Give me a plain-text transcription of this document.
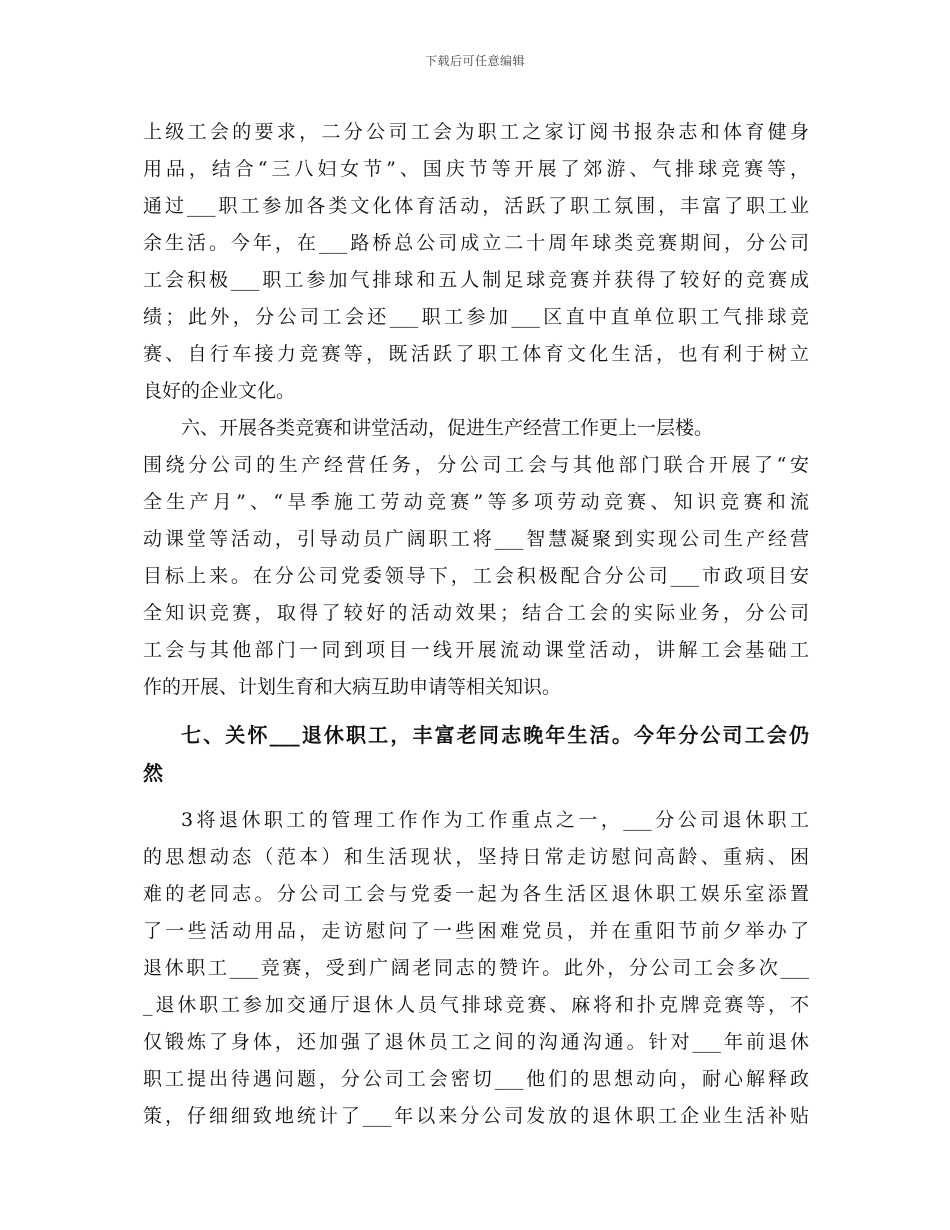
下载后可任意编辑
上级工会的要求，二分公司工会为职工之家订阅书报杂志和体育健身
用品，结合“三八妇女节”、国庆节等开展了郊游、气排球竞赛等，
通过___职工参加各类文化体育活动，活跃了职工氛围，丰富了职工业
余生活。今年，在___路桥总公司成立二十周年球类竞赛期间，分公司
工会积极___职工参加气排球和五人制足球竞赛并获得了较好的竞赛成
绩；此外，分公司工会还___职工参加___区直中直单位职工气排球竞
赛、自行车接力竞赛等，既活跃了职工体育文化生活，也有利于树立
良好的企业文化。
六、开展各类竞赛和讲堂活动，促进生产经营工作更上一层楼。
围绕分公司的生产经营任务，分公司工会与其他部门联合开展了“安
全生产月”、“旱季施工劳动竞赛”等多项劳动竞赛、知识竞赛和流
动课堂等活动，引导动员广阔职工将___智慧凝聚到实现公司生产经营
目标上来。在分公司党委领导下，工会积极配合分公司___市政项目安
全知识竞赛，取得了较好的活动效果；结合工会的实际业务，分公司
工会与其他部门一同到项目一线开展流动课堂活动，讲解工会基础工
作的开展、计划生育和大病互助申请等相关知识。
七、关怀___退休职工，丰富老同志晚年生活。今年分公司工会仍
然
3将退休职工的管理工作作为工作重点之一，___分公司退休职工
的思想动态（范本）和生活现状，坚持日常走访慰问高龄、重病、困
难的老同志。分公司工会与党委一起为各生活区退休职工娱乐室添置
了一些活动用品，走访慰问了一些困难党员，并在重阳节前夕举办了
退休职工___竞赛，受到广阔老同志的赞许。此外，分公司工会多次___
_退休职工参加交通厅退休人员气排球竞赛、麻将和扑克牌竞赛等，不
仅锻炼了身体，还加强了退休员工之间的沟通沟通。针对___年前退休
职工提出待遇问题，分公司工会密切___他们的思想动向，耐心解释政
策，仔细细致地统计了___年以来分公司发放的退休职工企业生活补贴
